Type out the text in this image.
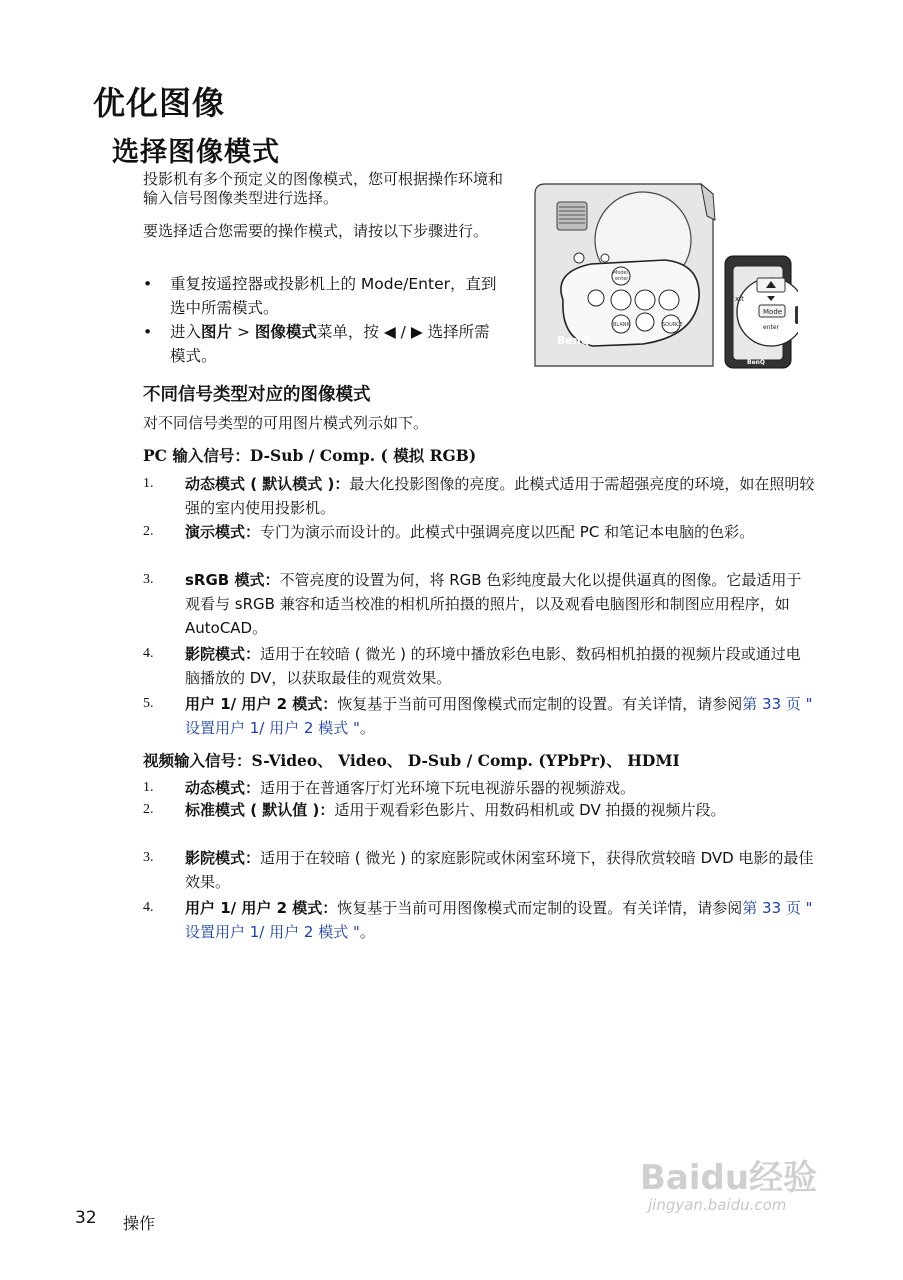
优化图像
选择图像模式
投影机有多个预定义的图像模式，您可根据操作环境和输入信号图像类型进行选择。
要选择适合您需要的操作模式，请按以下步骤进行。
• 重复按遥控器或投影机上的 Mode/Enter，直到选中所需模式。
• 进入图片 > 图像模式菜单，按 ◀ / ▶ 选择所需模式。
Mode/
enter
BLANK	SOURCE
BenQ
Mode
enter
xit
BenQ
不同信号类型对应的图像模式
对不同信号类型的可用图片模式列示如下。
PC 输入信号：D-Sub / Comp. ( 模拟 RGB)
1. 动态模式 ( 默认模式 )：最大化投影图像的亮度。此模式适用于需超强亮度的环境，如在照明较强的室内使用投影机。
2. 演示模式：专门为演示而设计的。此模式中强调亮度以匹配 PC 和笔记本电脑的色彩。
3. sRGB 模式：不管亮度的设置为何，将 RGB 色彩纯度最大化以提供逼真的图像。它最适用于观看与 sRGB 兼容和适当校准的相机所拍摄的照片，以及观看电脑图形和制图应用程序，如 AutoCAD。
4. 影院模式：适用于在较暗 ( 微光 ) 的环境中播放彩色电影、数码相机拍摄的视频片段或通过电脑播放的 DV，以获取最佳的观赏效果。
5. 用户 1/ 用户 2 模式：恢复基于当前可用图像模式而定制的设置。有关详情，请参阅第 33 页 " 设置用户 1/ 用户 2 模式 "。
视频输入信号：S-Video、 Video、 D-Sub / Comp. (YPbPr)、 HDMI
1. 动态模式：适用于在普通客厅灯光环境下玩电视游乐器的视频游戏。
2. 标准模式 ( 默认值 )：适用于观看彩色影片、用数码相机或 DV 拍摄的视频片段。
3. 影院模式：适用于在较暗 ( 微光 ) 的家庭影院或休闲室环境下，获得欣赏较暗 DVD 电影的最佳效果。
4. 用户 1/ 用户 2 模式：恢复基于当前可用图像模式而定制的设置。有关详情，请参阅第 33 页 " 设置用户 1/ 用户 2 模式 "。
Baidu经验
jingyan.baidu.com
32 操作
